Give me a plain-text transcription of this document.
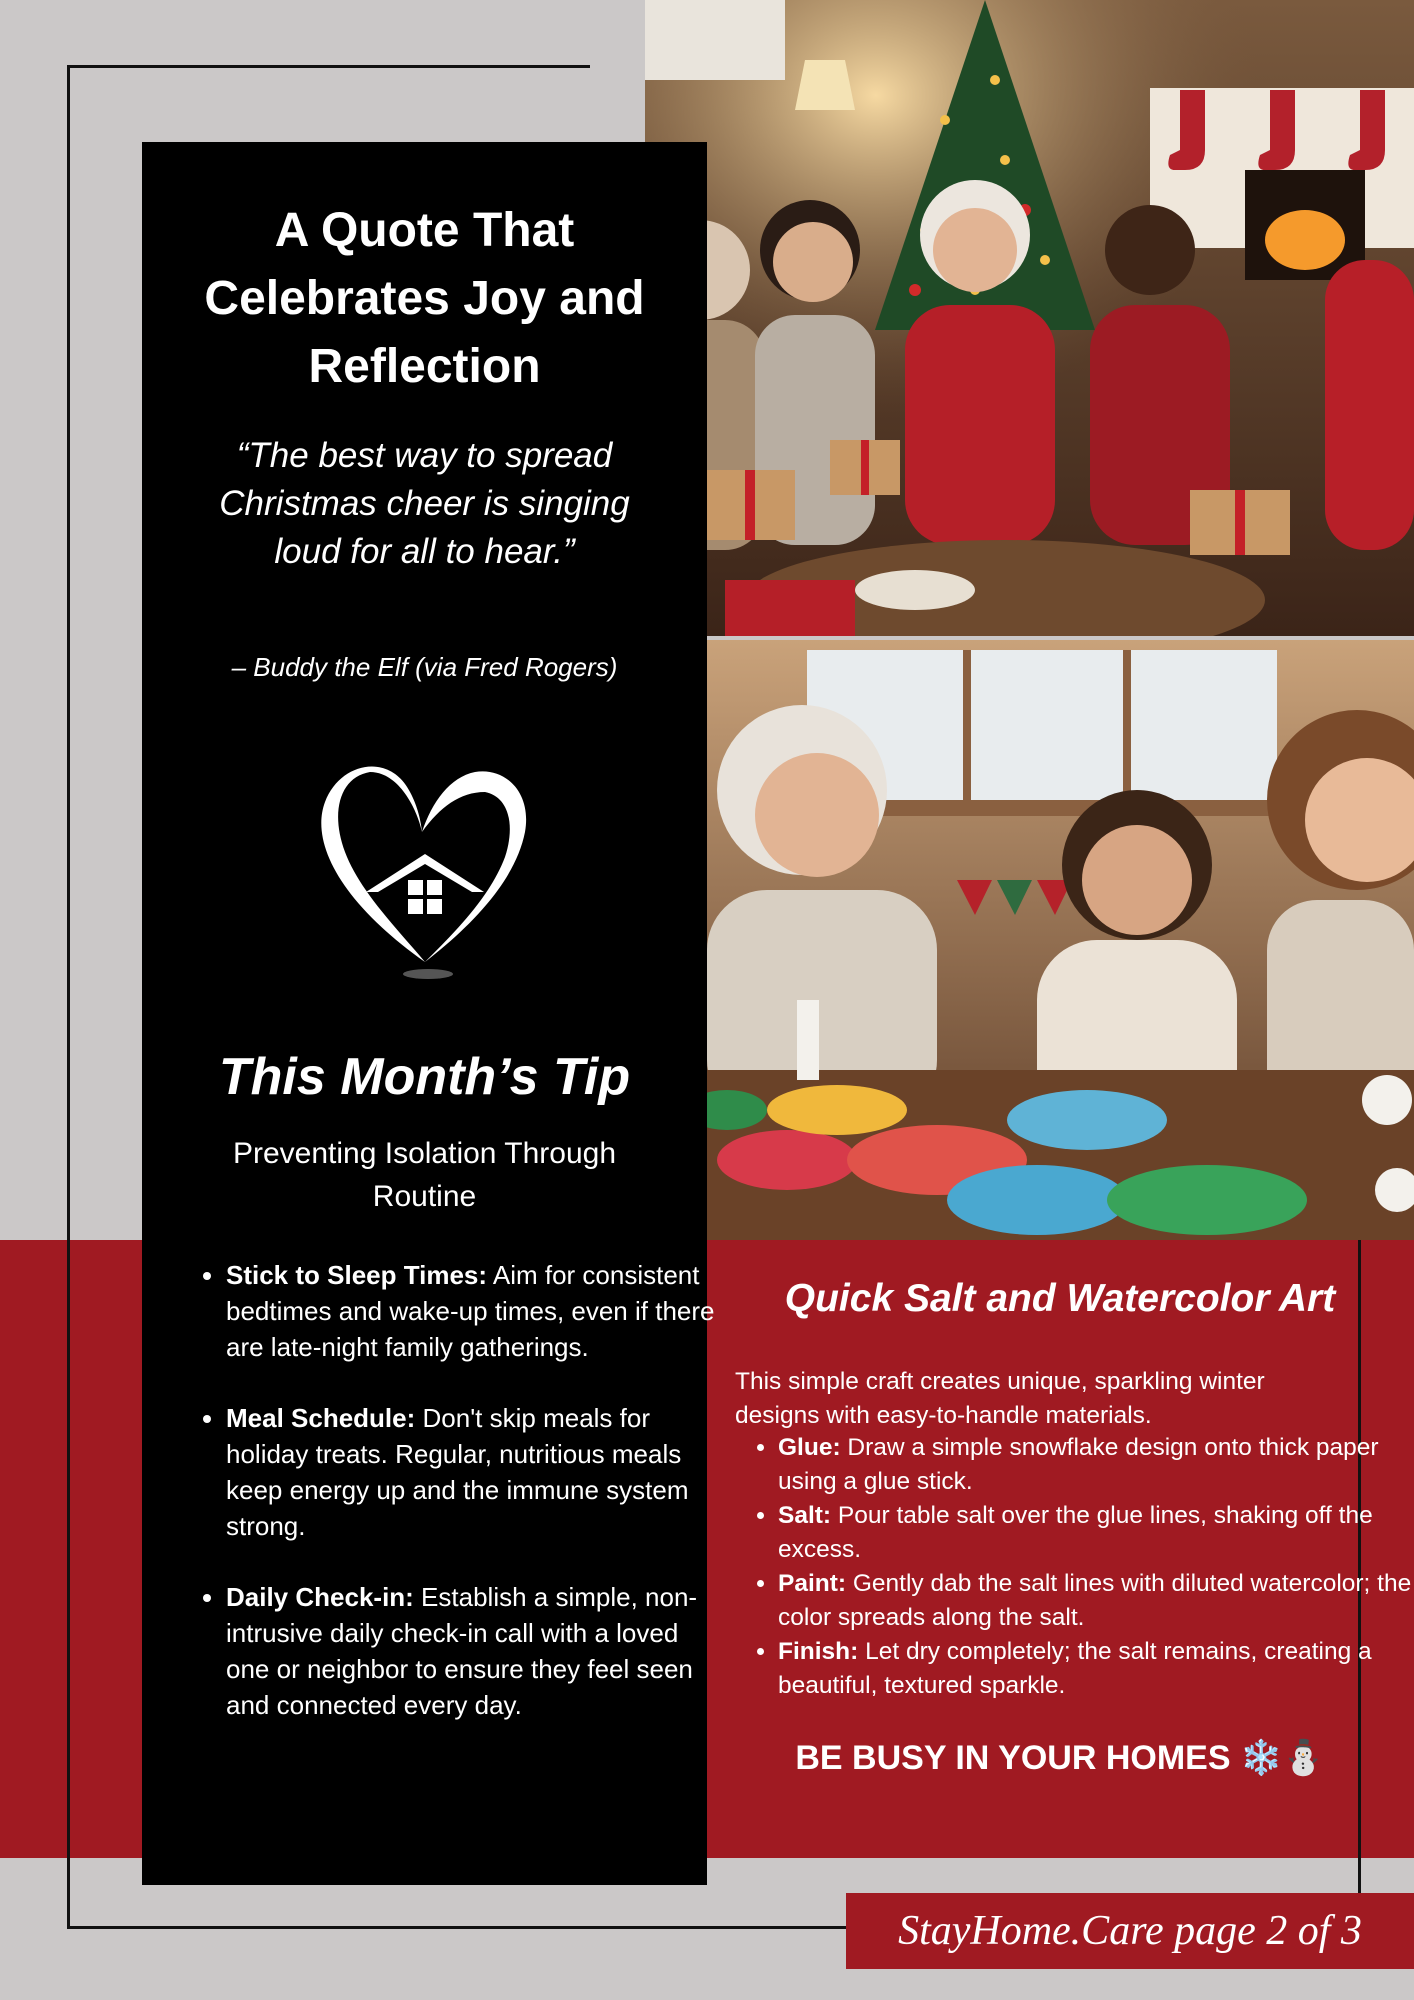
A Quote That Celebrates Joy and Reflection
“The best way to spread Christmas cheer is singing loud for all to hear.”
– Buddy the Elf (via Fred Rogers)
This Month’s Tip
Preventing Isolation Through Routine
• Stick to Sleep Times: Aim for consistent bedtimes and wake-up times, even if there are late-night family gatherings.
• Meal Schedule: Don't skip meals for holiday treats. Regular, nutritious meals keep energy up and the immune system strong.
• Daily Check-in: Establish a simple, non-intrusive daily check-in call with a loved one or neighbor to ensure they feel seen and connected every day.
Quick Salt and Watercolor Art
This simple craft creates unique, sparkling winter designs with easy-to-handle materials.
• Glue: Draw a simple snowflake design onto thick paper using a glue stick.
• Salt: Pour table salt over the glue lines, shaking off the excess.
• Paint: Gently dab the salt lines with diluted watercolor; the color spreads along the salt.
• Finish: Let dry completely; the salt remains, creating a beautiful, textured sparkle.
BE BUSY IN YOUR HOMES ❄️⛄
StayHome.Care page 2 of 3
